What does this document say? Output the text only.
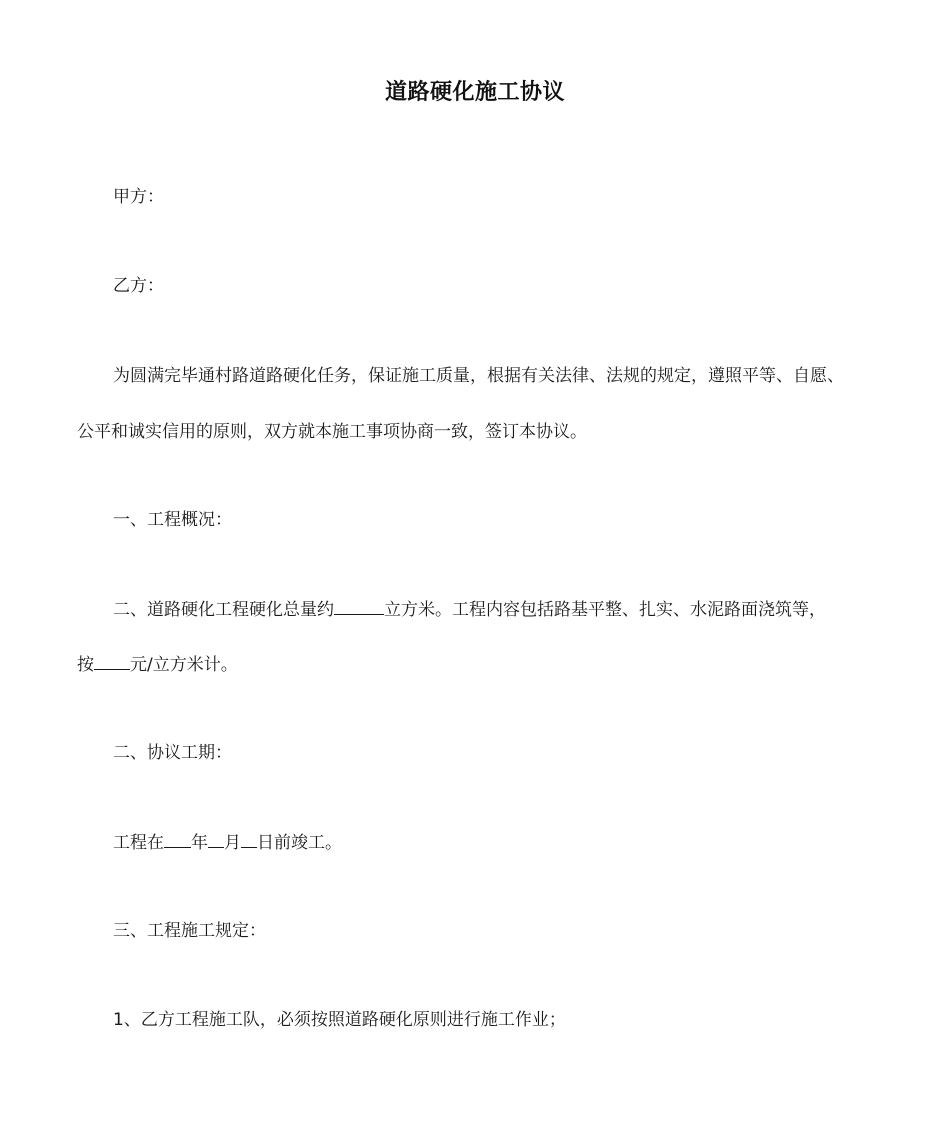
道路硬化施工协议
甲方：
乙方：
为圆满完毕通村路道路硬化任务，保证施工质量，根据有关法律、法规的规定，遵照平等、自愿、
公平和诚实信用的原则，双方就本施工事项协商一致，签订本协议。
一、工程概况：
二、道路硬化工程硬化总量约	立方米。工程内容包括路基平整、扎实、水泥路面浇筑等，
按 元/立方米计。
二、协议工期：
工程在 年 月 日前竣工。
三、工程施工规定：
1、乙方工程施工队，必须按照道路硬化原则进行施工作业；
